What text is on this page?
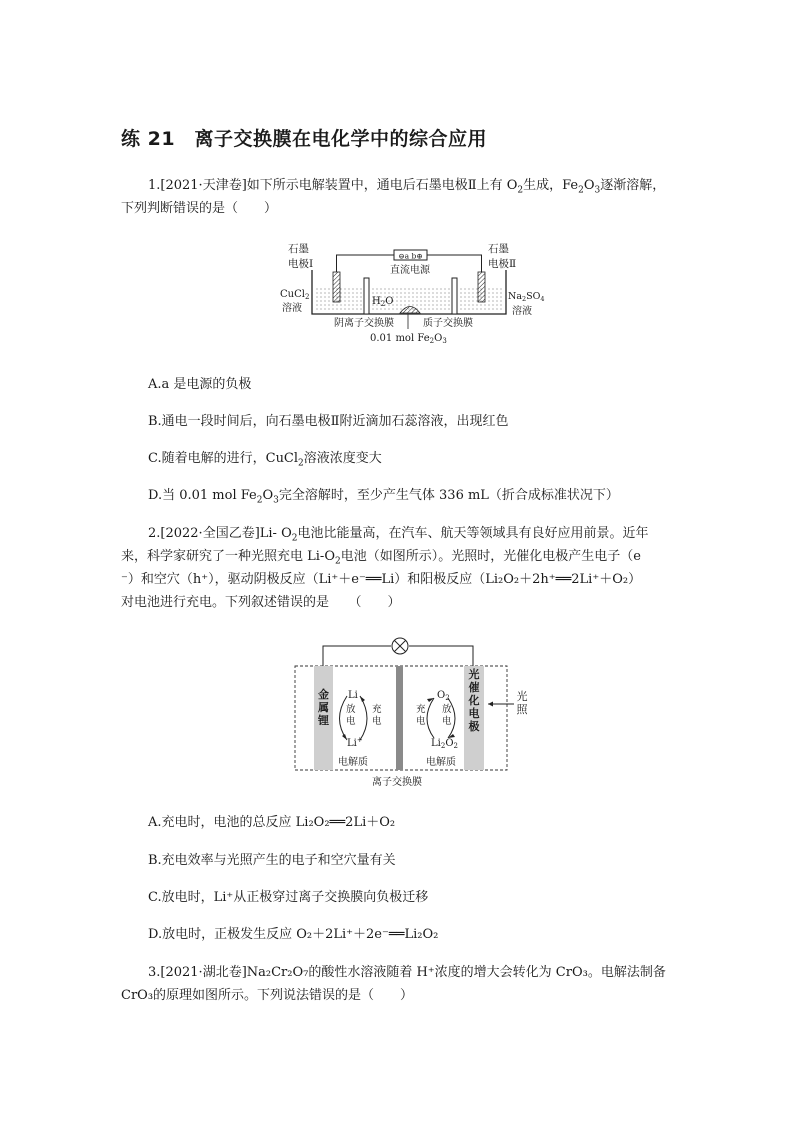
练 21　离子交换膜在电化学中的综合应用
1.[2021·天津卷]如下所示电解装置中，通电后石墨电极Ⅱ上有 $O_2$生成，$Fe_2O_3$逐渐溶解，
下列判断错误的是（　　）
⊖a b⊕
直流电源
石墨
电极Ⅰ
石墨
电极Ⅱ
CuCl$_2$
溶液
$Na_2SO_4$
溶液
$H_2O$
阴离子交换膜	质子交换膜
0.01 mol $Fe_2O_3$
A.a 是电源的负极
B.通电一段时间后，向石墨电极Ⅱ附近滴加石蕊溶液，出现红色
C.随着电解的进行，CuCl$_2$溶液浓度变大
D.当 0.01 mol $Fe_2O_3$完全溶解时，至少产生气体 336 mL（折合成标准状况下）
2.[2022·全国乙卷]Li- $O_2$电池比能量高，在汽车、航天等领域具有良好应用前景。近年
来，科学家研究了一种光照充电 $Li-O_2$电池（如图所示）。光照时，光催化电极产生电子（e
⁻）和空穴（h⁺），驱动阴极反应（Li⁺＋e⁻══Li）和阳极反应（Li₂O₂＋2h⁺══2Li⁺＋O₂）
对电池进行充电。下列叙述错误的是　　（　　）
金属锂
光催化电极
光照
Li
Li+
放电
充电
$O_2$
$Li_2O_2$
充电
放电
电解质	电解质
离子交换膜
A.充电时，电池的总反应 Li₂O₂══2Li＋O₂
B.充电效率与光照产生的电子和空穴量有关
C.放电时，Li⁺从正极穿过离子交换膜向负极迁移
D.放电时，正极发生反应 O₂＋2Li⁺＋2e⁻══Li₂O₂
3.[2021·湖北卷]Na₂Cr₂O₇的酸性水溶液随着 H⁺浓度的增大会转化为 CrO₃。电解法制备
CrO₃的原理如图所示。下列说法错误的是（　　）
